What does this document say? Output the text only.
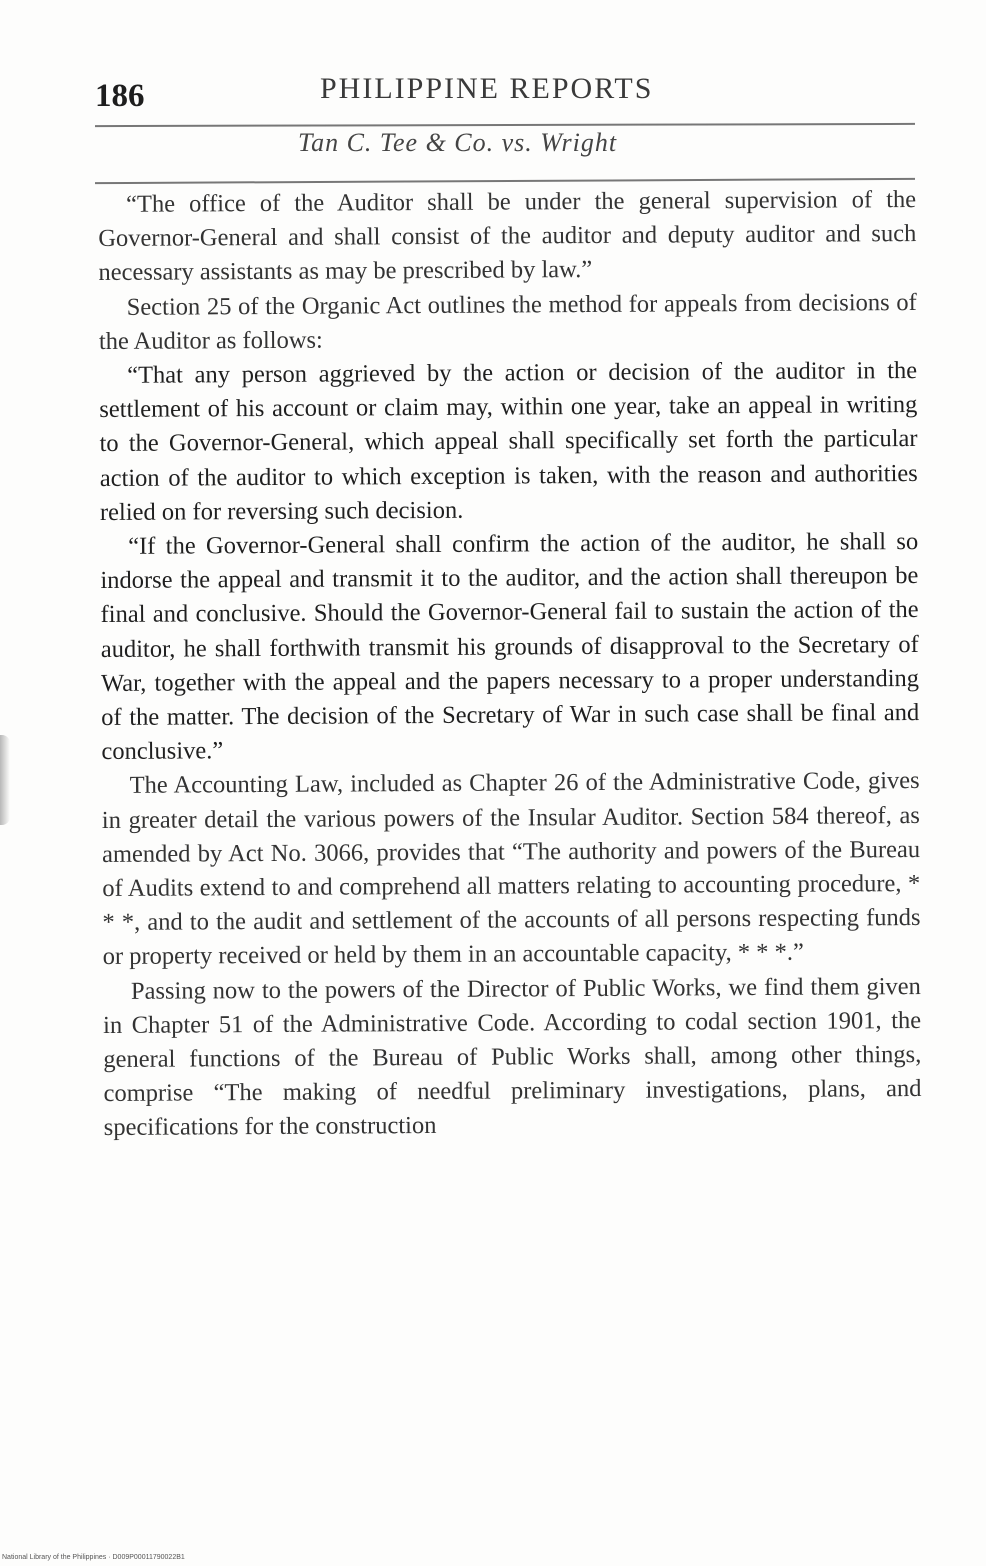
186	PHILIPPINE REPORTS
Tan C. Tee & Co. vs. Wright

“The office of the Auditor shall be under the general supervision of the Governor-General and shall consist of the auditor and deputy auditor and such necessary assistants as may be prescribed by law.”

Section 25 of the Organic Act outlines the method for appeals from decisions of the Auditor as follows:

“That any person aggrieved by the action or decision of the auditor in the settlement of his account or claim may, within one year, take an appeal in writing to the Governor-General, which appeal shall specifically set forth the particular action of the auditor to which exception is taken, with the reason and authorities relied on for reversing such decision.

“If the Governor-General shall confirm the action of the auditor, he shall so indorse the appeal and transmit it to the auditor, and the action shall thereupon be final and conclusive. Should the Governor-General fail to sustain the action of the auditor, he shall forthwith transmit his grounds of disapproval to the Secretary of War, together with the appeal and the papers necessary to a proper understanding of the matter. The decision of the Secretary of War in such case shall be final and conclusive.”

The Accounting Law, included as Chapter 26 of the Administrative Code, gives in greater detail the various powers of the Insular Auditor. Section 584 thereof, as amended by Act No. 3066, provides that “The authority and powers of the Bureau of Audits extend to and comprehend all matters relating to accounting procedure, * * *, and to the audit and settlement of the accounts of all persons respecting funds or property received or held by them in an accountable capacity, * * *.”

Passing now to the powers of the Director of Public Works, we find them given in Chapter 51 of the Administrative Code. According to codal section 1901, the general functions of the Bureau of Public Works shall, among other things, comprise “The making of needful preliminary investigations, plans, and specifications for the construction

National Library of the Philippines · D009P00011790022B1
